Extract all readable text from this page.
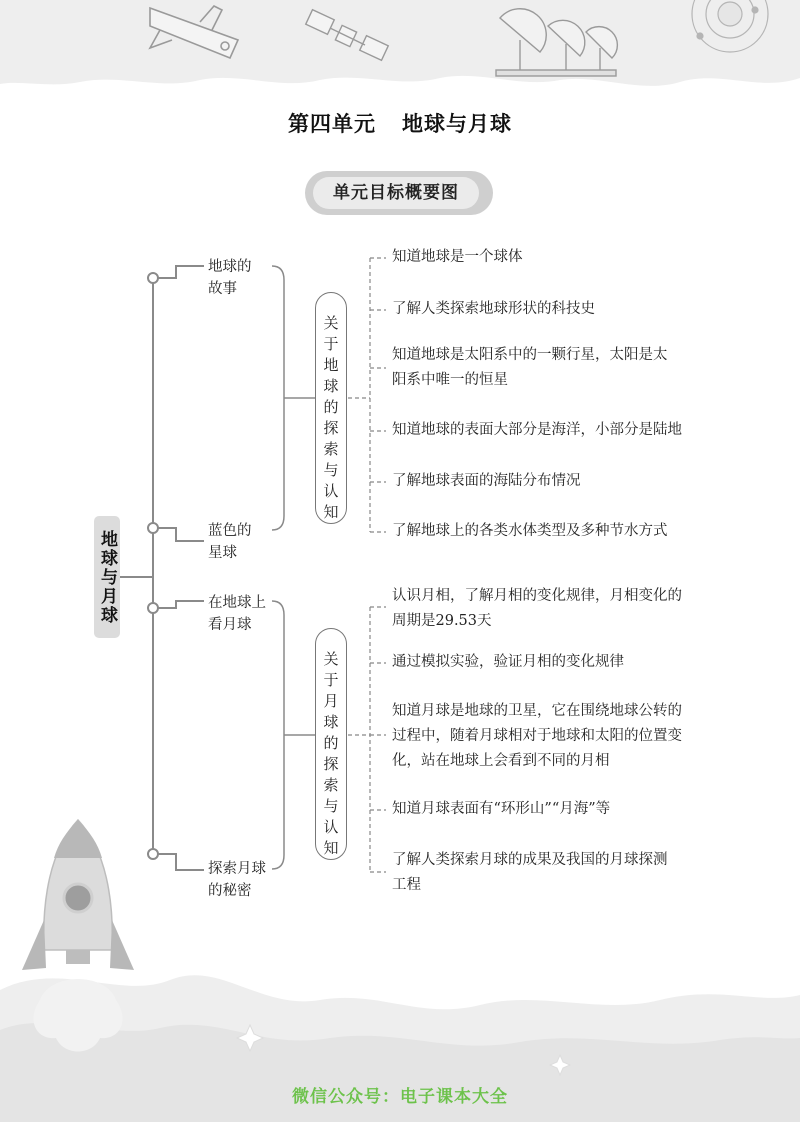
第四单元 地球与月球
单元目标概要图
地球与月球
地球的
故事
蓝色的
星球
在地球上
看月球
探索月球
的秘密
关
于
地
球
的
探
索
与
认
知
关
于
月
球
的
探
索
与
认
知
知道地球是一个球体
了解人类探索地球形状的科技史
知道地球是太阳系中的一颗行星，太阳是太
阳系中唯一的恒星
知道地球的表面大部分是海洋，小部分是陆地
了解地球表面的海陆分布情况
了解地球上的各类水体类型及多种节水方式
认识月相，了解月相的变化规律，月相变化的
周期是29.53天
通过模拟实验，验证月相的变化规律
知道月球是地球的卫星，它在围绕地球公转的
过程中，随着月球相对于地球和太阳的位置变
化，站在地球上会看到不同的月相
知道月球表面有“环形山”“月海”等
了解人类探索月球的成果及我国的月球探测
工程
微信公众号：电子课本大全
